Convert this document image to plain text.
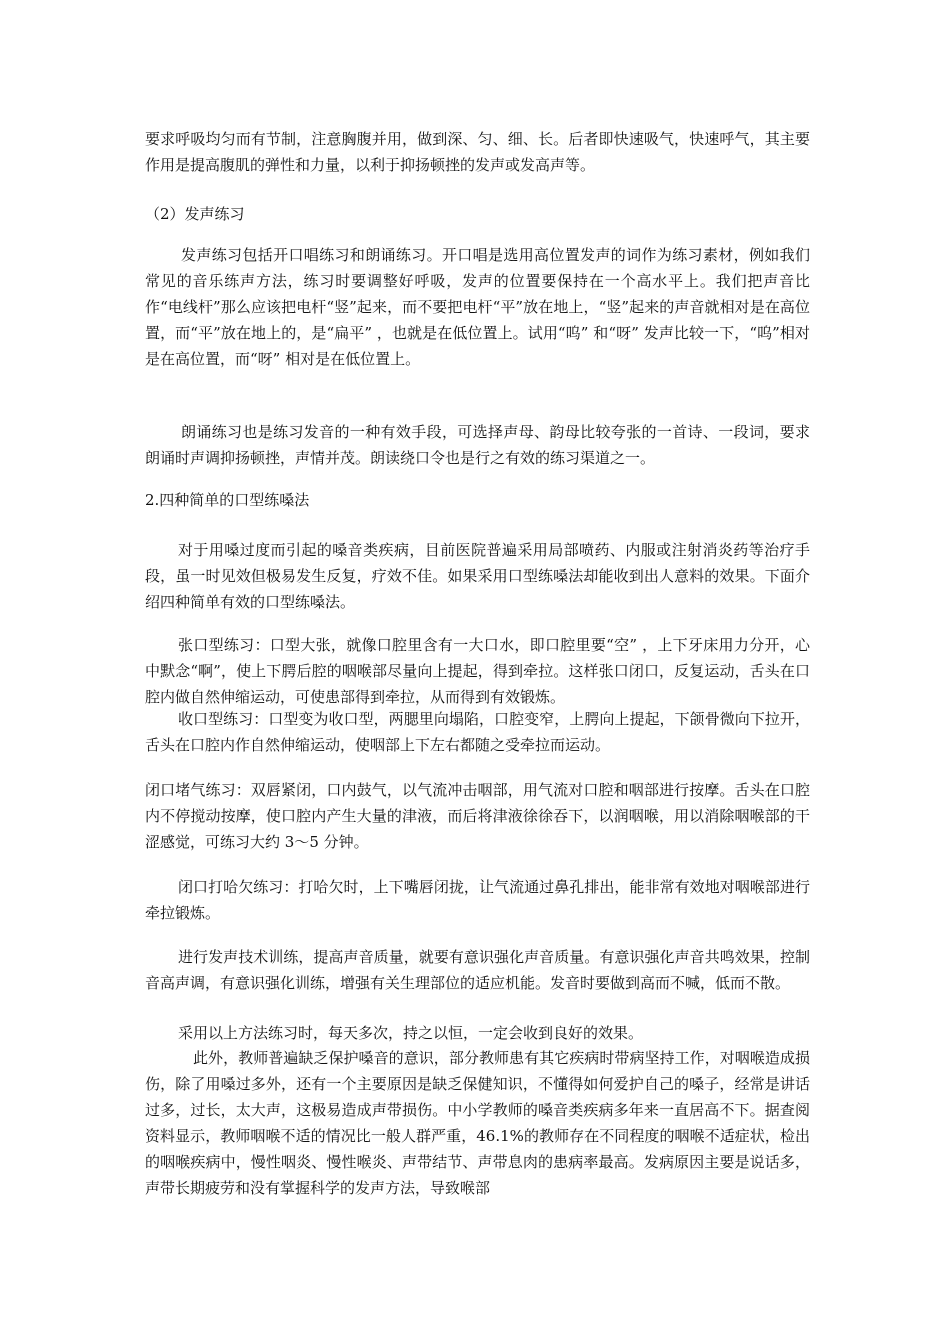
要求呼吸均匀而有节制，注意胸腹并用，做到深、匀、细、长。后者即快速吸气，快速呼气，其主要作用是提高腹肌的弹性和力量，以利于抑扬顿挫的发声或发高声等。

（2）发声练习

发声练习包括开口唱练习和朗诵练习。开口唱是选用高位置发声的词作为练习素材，例如我们常见的音乐练声方法，练习时要调整好呼吸，发声的位置要保持在一个高水平上。我们把声音比作“电线杆”那么应该把电杆“竖”起来，而不要把电杆“平”放在地上，“竖”起来的声音就相对是在高位置，而“平”放在地上的，是“扁平” ，也就是在低位置上。试用“呜” 和“呀” 发声比较一下，“呜”相对是在高位置，而“呀” 相对是在低位置上。

朗诵练习也是练习发音的一种有效手段，可选择声母、韵母比较夸张的一首诗、一段词，要求朗诵时声调抑扬顿挫，声情并茂。朗读绕口令也是行之有效的练习渠道之一。

2.四种简单的口型练嗓法

对于用嗓过度而引起的嗓音类疾病，目前医院普遍采用局部喷药、内服或注射消炎药等治疗手段，虽一时见效但极易发生反复，疗效不佳。如果采用口型练嗓法却能收到出人意料的效果。下面介绍四种简单有效的口型练嗓法。

张口型练习：口型大张，就像口腔里含有一大口水，即口腔里要“空” ，上下牙床用力分开，心中默念“啊”，使上下腭后腔的咽喉部尽量向上提起，得到牵拉。这样张口闭口，反复运动，舌头在口腔内做自然伸缩运动，可使患部得到牵拉，从而得到有效锻炼。

收口型练习：口型变为收口型，两腮里向塌陷，口腔变窄，上腭向上提起，下颌骨微向下拉开，舌头在口腔内作自然伸缩运动，使咽部上下左右都随之受牵拉而运动。

闭口堵气练习：双唇紧闭，口内鼓气，以气流冲击咽部，用气流对口腔和咽部进行按摩。舌头在口腔内不停搅动按摩，使口腔内产生大量的津液，而后将津液徐徐吞下，以润咽喉，用以消除咽喉部的干涩感觉，可练习大约 3～5 分钟。

闭口打哈欠练习：打哈欠时，上下嘴唇闭拢，让气流通过鼻孔排出，能非常有效地对咽喉部进行牵拉锻炼。

进行发声技术训练，提高声音质量，就要有意识强化声音质量。有意识强化声音共鸣效果，控制音高声调，有意识强化训练，增强有关生理部位的适应机能。发音时要做到高而不喊，低而不散。

采用以上方法练习时，每天多次，持之以恒，一定会收到良好的效果。

此外，教师普遍缺乏保护嗓音的意识，部分教师患有其它疾病时带病坚持工作，对咽喉造成损伤，除了用嗓过多外，还有一个主要原因是缺乏保健知识，不懂得如何爱护自己的嗓子，经常是讲话过多，过长，太大声，这极易造成声带损伤。中小学教师的嗓音类疾病多年来一直居高不下。据查阅资料显示，教师咽喉不适的情况比一般人群严重，46.1%的教师存在不同程度的咽喉不适症状，检出的咽喉疾病中，慢性咽炎、慢性喉炎、声带结节、声带息肉的患病率最高。发病原因主要是说话多，声带长期疲劳和没有掌握科学的发声方法，导致喉部
